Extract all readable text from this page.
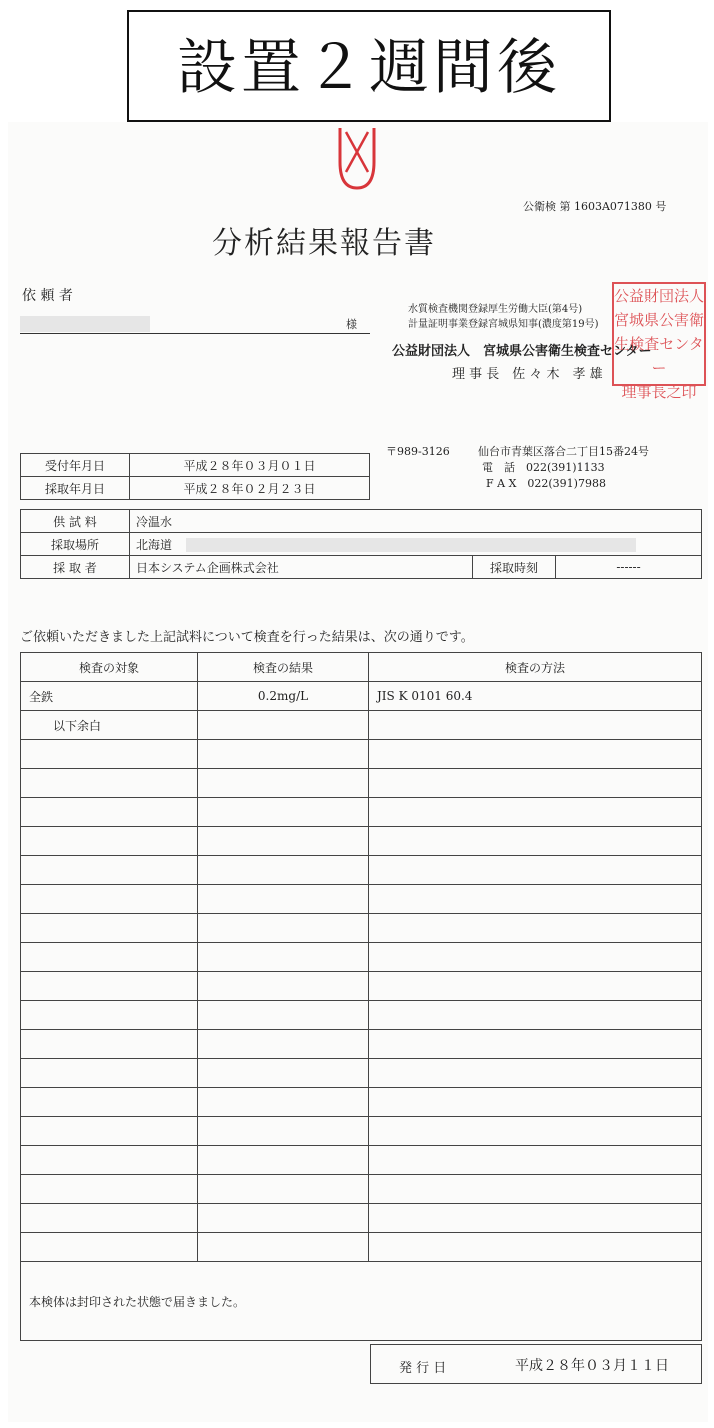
設置２週間後
公衛検 第 1603A071380 号
分析結果報告書
依 頼 者
様
水質検査機関登録厚生労働大臣(第4号)
計量証明事業登録宮城県知事(濃度第19号)
公益財団法人　宮城県公害衛生検査センター
理 事 長　佐 々 木　孝 雄
公益財団法人
宮城県公害衛
生検査センター
理事長之印
〒989-3126	仙台市青葉区落合二丁目15番24号
電　話　022(391)1133
F A X　022(391)7988
受付年月日	平成２８年０３月０１日
採取年月日	平成２８年０２月２３日
供 試 料	冷温水		
採取場所	北海道		
採 取 者	日本システム企画株式会社	採取時刻	------
ご依頼いただきました上記試料について検査を行った結果は、次の通りです。
検査の対象	検査の結果	検査の方法
全鉄	0.2mg/L	JIS K 0101 60.4
　　以下余白		

本検体は封印された状態で届きました。		
発 行 日	平成２８年０３月１１日
